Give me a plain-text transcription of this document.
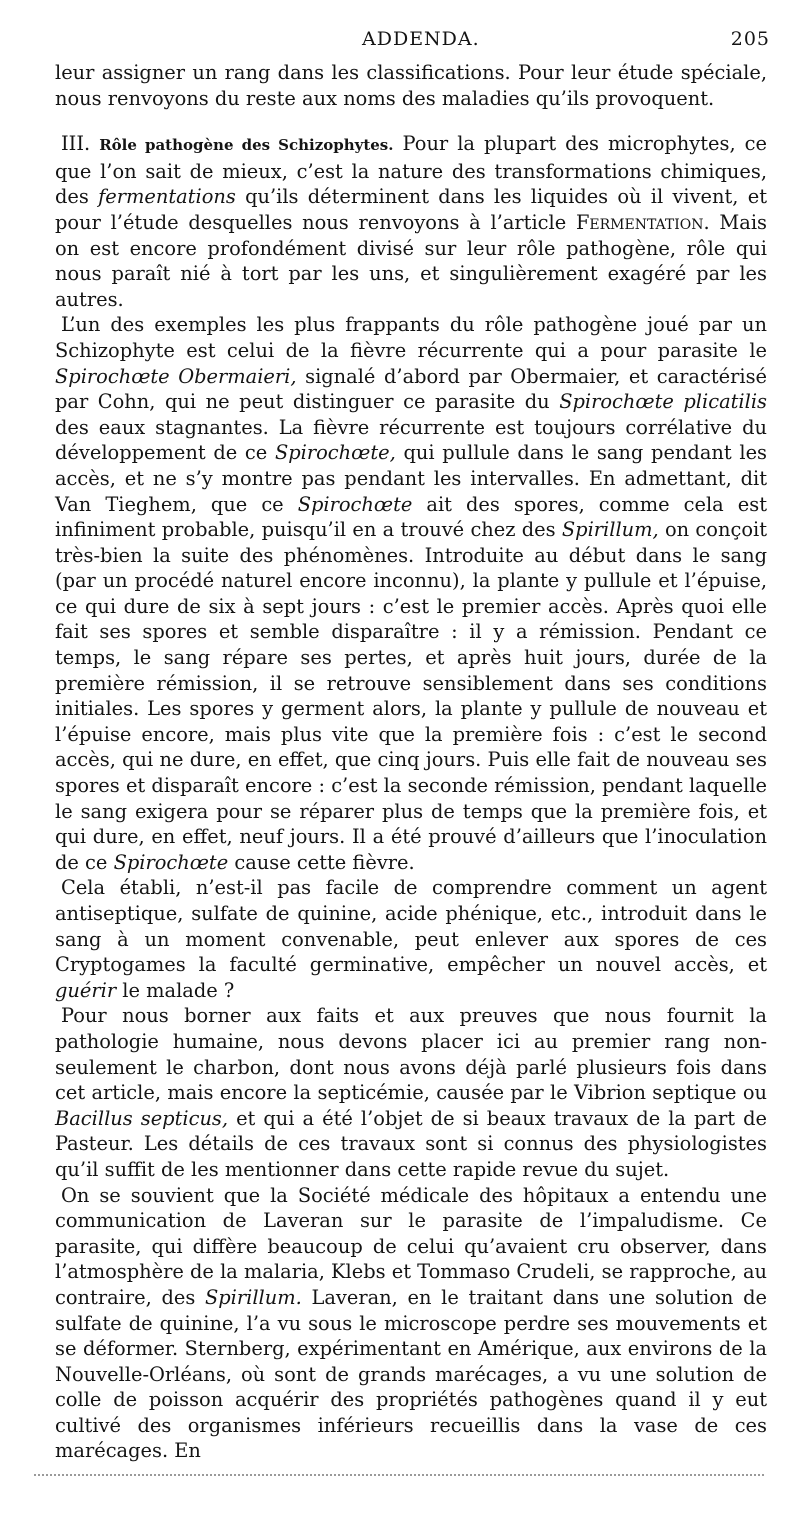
ADDENDA.	205

leur assigner un rang dans les classifications. Pour leur étude spéciale, nous renvoyons du reste aux noms des maladies qu’ils provoquent.

III. Rôle pathogène des Schizophytes. Pour la plupart des microphytes, ce que l’on sait de mieux, c’est la nature des transformations chimiques, des fermentations qu’ils déterminent dans les liquides où il vivent, et pour l’étude desquelles nous renvoyons à l’article Fermentation. Mais on est encore profondément divisé sur leur rôle pathogène, rôle qui nous paraît nié à tort par les uns, et singulièrement exagéré par les autres.

L’un des exemples les plus frappants du rôle pathogène joué par un Schizophyte est celui de la fièvre récurrente qui a pour parasite le Spirochœte Obermaieri, signalé d’abord par Obermaier, et caractérisé par Cohn, qui ne peut distinguer ce parasite du Spirochœte plicatilis des eaux stagnantes. La fièvre récurrente est toujours corrélative du développement de ce Spirochœte, qui pullule dans le sang pendant les accès, et ne s’y montre pas pendant les intervalles. En admettant, dit Van Tieghem, que ce Spirochœte ait des spores, comme cela est infiniment probable, puisqu’il en a trouvé chez des Spirillum, on conçoit très-bien la suite des phénomènes. Introduite au début dans le sang (par un procédé naturel encore inconnu), la plante y pullule et l’épuise, ce qui dure de six à sept jours : c’est le premier accès. Après quoi elle fait ses spores et semble disparaître : il y a rémission. Pendant ce temps, le sang répare ses pertes, et après huit jours, durée de la première rémission, il se retrouve sensiblement dans ses conditions initiales. Les spores y germent alors, la plante y pullule de nouveau et l’épuise encore, mais plus vite que la première fois : c’est le second accès, qui ne dure, en effet, que cinq jours. Puis elle fait de nouveau ses spores et disparaît encore : c’est la seconde rémission, pendant laquelle le sang exigera pour se réparer plus de temps que la première fois, et qui dure, en effet, neuf jours. Il a été prouvé d’ailleurs que l’inoculation de ce Spirochœte cause cette fièvre.

Cela établi, n’est-il pas facile de comprendre comment un agent antiseptique, sulfate de quinine, acide phénique, etc., introduit dans le sang à un moment convenable, peut enlever aux spores de ces Cryptogames la faculté germinative, empêcher un nouvel accès, et guérir le malade ?

Pour nous borner aux faits et aux preuves que nous fournit la pathologie humaine, nous devons placer ici au premier rang non-seulement le charbon, dont nous avons déjà parlé plusieurs fois dans cet article, mais encore la septicémie, causée par le Vibrion septique ou Bacillus septicus, et qui a été l’objet de si beaux travaux de la part de Pasteur. Les détails de ces travaux sont si connus des physiologistes qu’il suffit de les mentionner dans cette rapide revue du sujet.

On se souvient que la Société médicale des hôpitaux a entendu une communication de Laveran sur le parasite de l’impaludisme. Ce parasite, qui diffère beaucoup de celui qu’avaient cru observer, dans l’atmosphère de la malaria, Klebs et Tommaso Crudeli, se rapproche, au contraire, des Spirillum. Laveran, en le traitant dans une solution de sulfate de quinine, l’a vu sous le microscope perdre ses mouvements et se déformer. Sternberg, expérimentant en Amérique, aux environs de la Nouvelle-Orléans, où sont de grands marécages, a vu une solution de colle de poisson acquérir des propriétés pathogènes quand il y eut cultivé des organismes inférieurs recueillis dans la vase de ces marécages. En
